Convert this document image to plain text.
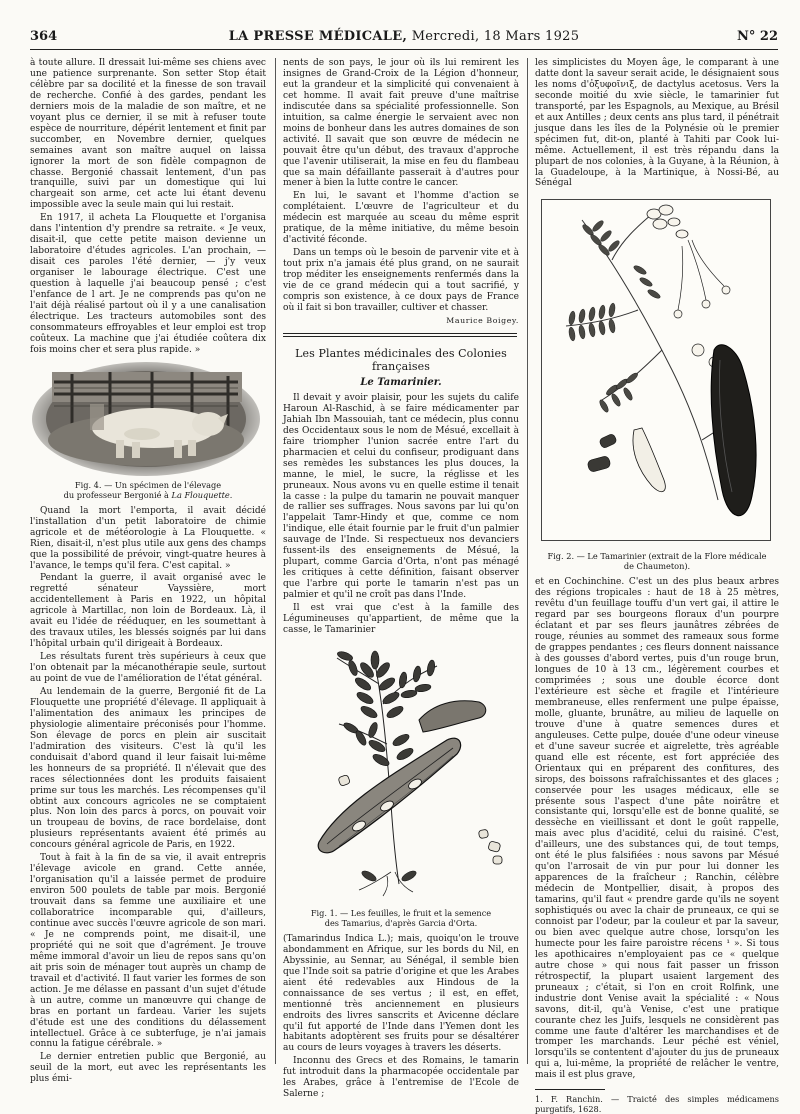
364	LA PRESSE MÉDICALE, Mercredi, 18 Mars 1925	N° 22

à toute allure. Il dressait lui-même ses chiens avec une patience surprenante. Son setter Stop était célèbre par sa docilité et la finesse de son travail de recherche. Confié à des gardes, pendant les derniers mois de la maladie de son maître, et ne voyant plus ce dernier, il se mit à refuser toute espèce de nourriture, dépérit lentement et finit par succomber, en Novembre dernier, quelques semaines avant son maître auquel on laissa ignorer la mort de son fidèle compagnon de chasse. Bergonié chassait lentement, d'un pas tranquille, suivi par un domestique qui lui chargeait son arme, cet acte lui étant devenu impossible avec la seule main qui lui restait.

En 1917, il acheta La Flouquette et l'organisa dans l'intention d'y prendre sa retraite. « Je veux, disait-il, que cette petite maison devienne un laboratoire d'études agricoles. L'an prochain, — disait ces paroles l'été dernier, — j'y veux organiser le labourage électrique. C'est une question à laquelle j'ai beaucoup pensé ; c'est l'enfance de l art. Je ne comprends pas qu'on ne l'ait déjà réalisé partout où il y a une canalisation électrique. Les tracteurs automobiles sont des consommateurs effroyables et leur emploi est trop coûteux. La machine que j'ai étudiée coûtera dix fois moins cher et sera plus rapide. »

Fig. 4. — Un spécimen de l'élevage
du professeur Bergonié à La Flouquette.

Quand la mort l'emporta, il avait décidé l'installation d'un petit laboratoire de chimie agricole et de météorologie à La Flouquette. « Rien, disait-il, n'est plus utile aux gens des champs que la possibilité de prévoir, vingt-quatre heures à l'avance, le temps qu'il fera. C'est capital. »

Pendant la guerre, il avait organisé avec le regretté sénateur Vayssière, mort accidentellement à Paris en 1922, un hôpital agricole à Martillac, non loin de Bordeaux. Là, il avait eu l'idée de rééduquer, en les soumettant à des travaux utiles, les blessés soignés par lui dans l'hôpital urbain qu'il dirigeait à Bordeaux.

Les résultats furent très supérieurs à ceux que l'on obtenait par la mécanothérapie seule, surtout au point de vue de l'amélioration de l'état général.

Au lendemain de la guerre, Bergonié fit de La Flouquette une propriété d'élevage. Il appliquait à l'alimentation des animaux les principes de physiologie alimentaire préconisés pour l'homme. Son élevage de porcs en plein air suscitait l'admiration des visiteurs. C'est là qu'il les conduisait d'abord quand il leur faisait lui-même les honneurs de sa propriété. Il n'élevait que des races sélectionnées dont les produits faisaient prime sur tous les marchés. Les récompenses qu'il obtint aux concours agricoles ne se comptaient plus. Non loin des parcs à porcs, on pouvait voir un troupeau de bovins, de race bordelaise, dont plusieurs représentants avaient été primés au concours général agricole de Paris, en 1922.

Tout à fait à la fin de sa vie, il avait entrepris l'élevage avicole en grand. Cette année, l'organisation qu'il a laissée permet de produire environ 500 poulets de table par mois. Bergonié trouvait dans sa femme une auxiliaire et une collaboratrice incomparable qui, d'ailleurs, continue avec succès l'œuvre agricole de son mari. « Je ne comprends point, me disait-il, une propriété qui ne soit que d'agrément. Je trouve même immoral d'avoir un lieu de repos sans qu'on ait pris soin de ménager tout auprès un champ de travail et d'activité. Il faut varier les formes de son action. Je me délasse en passant d'un sujet d'étude à un autre, comme un manœuvre qui change de bras en portant un fardeau. Varier les sujets d'étude est une des conditions du délassement intellectuel. Grâce à ce subterfuge, je n'ai jamais connu la fatigue cérébrale. »

Le dernier entretien public que Bergonié, au seuil de la mort, eut avec les représentants les plus émi-

nents de son pays, le jour où ils lui remirent les insignes de Grand-Croix de la Légion d'honneur, eut la grandeur et la simplicité qui convenaient à cet homme. Il avait fait preuve d'une maîtrise indiscutée dans sa spécialité professionnelle. Son intuition, sa calme énergie le servaient avec non moins de bonheur dans les autres domaines de son activité. Il savait que son œuvre de médecin ne pouvait être qu'un début, des travaux d'approche que l'avenir utiliserait, la mise en feu du flambeau que sa main défaillante passerait à d'autres pour mener à bien la lutte contre le cancer.

En lui, le savant et l'homme d'action se complétaient. L'œuvre de l'agriculteur et du médecin est marquée au sceau du même esprit pratique, de la même initiative, du même besoin d'activité féconde.

Dans un temps où le besoin de parvenir vite et à tout prix n'a jamais été plus grand, on ne saurait trop méditer les enseignements renfermés dans la vie de ce grand médecin qui a tout sacrifié, y compris son existence, à ce doux pays de France où il fait si bon travailler, cultiver et chasser.

Maurice Boigey.
Les Plantes médicinales des Colonies françaises
Le Tamarinier.

Il devait y avoir plaisir, pour les sujets du calife Haroun Al-Raschid, à se faire médicamenter par Jahiah Ibn Massouiah, tant ce médecin, plus connu des Occidentaux sous le nom de Mésué, excellait à faire triompher l'union sacrée entre l'art du pharmacien et celui du confiseur, prodiguant dans ses remèdes les substances les plus douces, la manne, le miel, le sucre, la réglisse et les pruneaux. Nous avons vu en quelle estime il tenait la casse : la pulpe du tamarin ne pouvait manquer de rallier ses suffrages. Nous savons par lui qu'on l'appelait Tamr-Hindy et que, comme ce nom l'indique, elle était fournie par le fruit d'un palmier sauvage de l'Inde. Si respectueux nos devanciers fussent-ils des enseignements de Mésué, la plupart, comme Garcia d'Orta, n'ont pas ménagé les critiques à cette définition, faisant observer que l'arbre qui porte le tamarin n'est pas un palmier et qu'il ne croît pas dans l'Inde.

Il est vrai que c'est à la famille des Légumineuses qu'appartient, de même que la casse, le Tamarinier

Fig. 1. — Les feuilles, le fruit et la semence
des Tamarius, d'après Garcia d'Orta.

(Tamarindus Indica L.); mais, quoiqu'on le trouve abondamment en Afrique, sur les bords du Nil, en Abyssinie, au Sennar, au Sénégal, il semble bien que l'Inde soit sa patrie d'origine et que les Arabes aient été redevables aux Hindous de la connaissance de ses vertus ; il est, en effet, mentionné très anciennement en plusieurs endroits des livres sanscrits et Avicenne déclare qu'il fut apporté de l'Inde dans l'Yemen dont les habitants adoptèrent ses fruits pour se désaltérer au cours de leurs voyages à travers les déserts.

Inconnu des Grecs et des Romains, le tamarin fut introduit dans la pharmacopée occidentale par les Arabes, grâce à l'entremise de l'Ecole de Salerne ;

les simplicistes du Moyen âge, le comparant à une datte dont la saveur serait acide, le désignaient sous les noms d'ὀξυφοῖνιξ, de dactylus acetosus. Vers la seconde moitié du xvie siècle, le tamarinier fut transporté, par les Espagnols, au Mexique, au Brésil et aux Antilles ; deux cents ans plus tard, il pénétrait jusque dans les îles de la Polynésie où le premier spécimen fut, dit-on, planté à Tahiti par Cook lui-même. Actuellement, il est très répandu dans la plupart de nos colonies, à la Guyane, à la Réunion, à la Guadeloupe, à la Martinique, à Nossi-Bé, au Sénégal

Fig. 2. — Le Tamarinier (extrait de la Flore médicale
de Chaumeton).

et en Cochinchine. C'est un des plus beaux arbres des régions tropicales : haut de 18 à 25 mètres, revêtu d'un feuillage touffu d'un vert gai, il attire le regard par ses bourgeons floraux d'un pourpre éclatant et par ses fleurs jaunâtres zébrées de rouge, réunies au sommet des rameaux sous forme de grappes pendantes ; ces fleurs donnent naissance à des gousses d'abord vertes, puis d'un rouge brun, longues de 10 à 13 cm., légèrement courbes et comprimées ; sous une double écorce dont l'extérieure est sèche et fragile et l'intérieure membraneuse, elles renferment une pulpe épaisse, molle, gluante, brunâtre, au milieu de laquelle on trouve d'une à quatre semences dures et anguleuses. Cette pulpe, douée d'une odeur vineuse et d'une saveur sucrée et aigrelette, très agréable quand elle est récente, est fort appréciée des Orientaux qui en préparent des confitures, des sirops, des boissons rafraîchissantes et des glaces ; conservée pour les usages médicaux, elle se présente sous l'aspect d'une pâte noirâtre et consistante qui, lorsqu'elle est de bonne qualité, se dessèche en vieillissant et dont le goût rappelle, mais avec plus d'acidité, celui du raisiné. C'est, d'ailleurs, une des substances qui, de tout temps, ont été le plus falsifiées : nous savons par Mésué qu'on l'arrosait de vin pur pour lui donner les apparences de la fraîcheur ; Ranchin, célèbre médecin de Montpellier, disait, à propos des tamarins, qu'il faut « prendre garde qu'ils ne soyent sophistiqués ou avec la chair de pruneaux, ce qui se connoist par l'odeur, par la couleur et par la saveur, ou bien avec quelque autre chose, lorsqu'on les humecte pour les faire paroistre récens ¹ ». Si tous les apothicaires n'employaient pas ce « quelque autre chose » qui nous fait passer un frisson rétrospectif, la plupart usaient largement des pruneaux ; c'était, si l'on en croit Rolfink, une industrie dont Venise avait la spécialité : « Nous savons, dit-il, qu'à Venise, c'est une pratique courante chez les Juifs, lesquels ne considèrent pas comme une faute d'altérer les marchandises et de tromper les marchands. Leur péché est véniel, lorsqu'ils se contentent d'ajouter du jus de pruneaux qui a, lui-même, la propriété de relâcher le ventre, mais il est plus grave,

1. F. Ranchin. — Traicté des simples médicamens purgatifs, 1628.
